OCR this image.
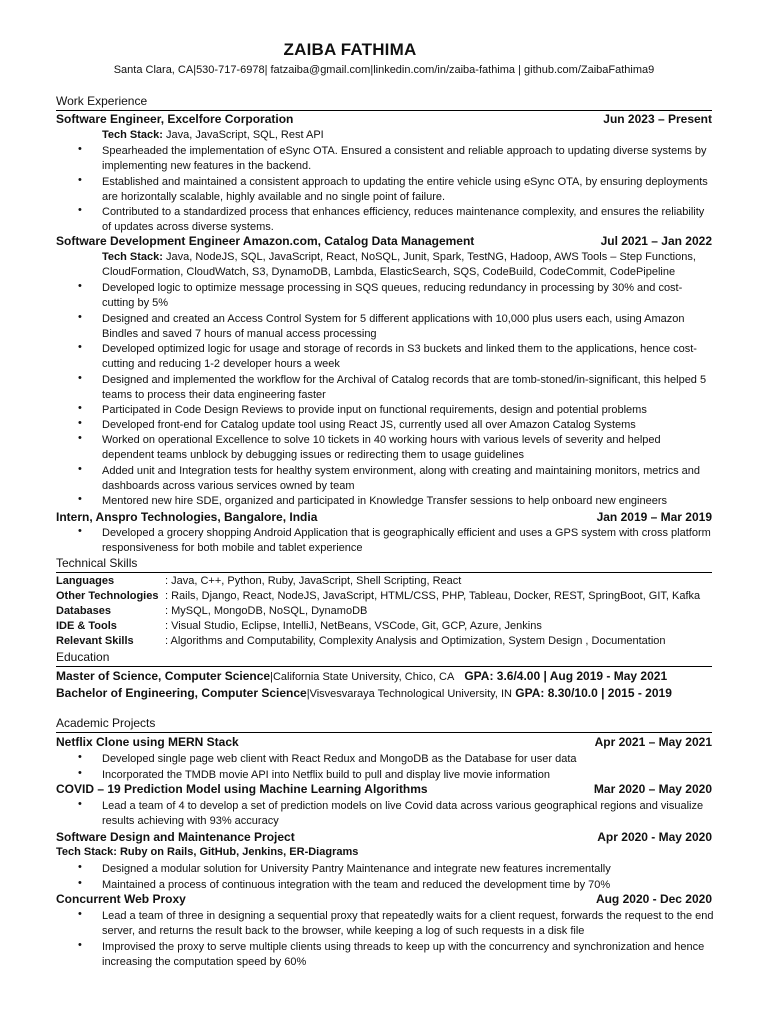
ZAIBA FATHIMA
Santa Clara, CA|530-717-6978| fatzaiba@gmail.com|linkedin.com/in/zaiba-fathima | github.com/ZaibaFathima9
Work Experience
Software Engineer, Excelfore Corporation	Jun 2023 – Present
Tech Stack: Java, JavaScript, SQL, Rest API
• Spearheaded the implementation of eSync OTA. Ensured a consistent and reliable approach to updating diverse systems by implementing new features in the backend.
• Established and maintained a consistent approach to updating the entire vehicle using eSync OTA, by ensuring deployments are horizontally scalable, highly available and no single point of failure.
• Contributed to a standardized process that enhances efficiency, reduces maintenance complexity, and ensures the reliability of updates across diverse systems.
Software Development Engineer Amazon.com, Catalog Data Management	Jul 2021 – Jan 2022
Tech Stack: Java, NodeJS, SQL, JavaScript, React, NoSQL, Junit, Spark, TestNG, Hadoop, AWS Tools – Step Functions, CloudFormation, CloudWatch, S3, DynamoDB, Lambda, ElasticSearch, SQS, CodeBuild, CodeCommit, CodePipeline
• Developed logic to optimize message processing in SQS queues, reducing redundancy in processing by 30% and cost-cutting by 5%
• Designed and created an Access Control System for 5 different applications with 10,000 plus users each, using Amazon Bindles and saved 7 hours of manual access processing
• Developed optimized logic for usage and storage of records in S3 buckets and linked them to the applications, hence cost-cutting and reducing 1-2 developer hours a week
• Designed and implemented the workflow for the Archival of Catalog records that are tomb-stoned/in-significant, this helped 5 teams to process their data engineering faster
• Participated in Code Design Reviews to provide input on functional requirements, design and potential problems
• Developed front-end for Catalog update tool using React JS, currently used all over Amazon Catalog Systems
• Worked on operational Excellence to solve 10 tickets in 40 working hours with various levels of severity and helped dependent teams unblock by debugging issues or redirecting them to usage guidelines
• Added unit and Integration tests for healthy system environment, along with creating and maintaining monitors, metrics and dashboards across various services owned by team
• Mentored new hire SDE, organized and participated in Knowledge Transfer sessions to help onboard new engineers
Intern, Anspro Technologies, Bangalore, India	Jan 2019 – Mar 2019
• Developed a grocery shopping Android Application that is geographically efficient and uses a GPS system with cross platform responsiveness for both mobile and tablet experience
Technical Skills
Languages	: Java, C++, Python, Ruby, JavaScript, Shell Scripting, React
Other Technologies : Rails, Django, React, NodeJS, JavaScript, HTML/CSS, PHP, Tableau, Docker, REST, SpringBoot, GIT, Kafka
Databases	: MySQL, MongoDB, NoSQL, DynamoDB
IDE & Tools	: Visual Studio, Eclipse, IntelliJ, NetBeans, VSCode, Git, GCP, Azure, Jenkins
Relevant Skills	: Algorithms and Computability, Complexity Analysis and Optimization, System Design , Documentation
Education
Master of Science, Computer Science|California State University, Chico, CA GPA: 3.6/4.00 | Aug 2019 - May 2021
Bachelor of Engineering, Computer Science|Visvesvaraya Technological University, IN GPA: 8.30/10.0 | 2015 - 2019
Academic Projects
Netflix Clone using MERN Stack	Apr 2021 – May 2021
• Developed single page web client with React Redux and MongoDB as the Database for user data
• Incorporated the TMDB movie API into Netflix build to pull and display live movie information
COVID – 19 Prediction Model using Machine Learning Algorithms	Mar 2020 – May 2020
• Lead a team of 4 to develop a set of prediction models on live Covid data across various geographical regions and visualize results achieving with 93% accuracy
Software Design and Maintenance Project	Apr 2020 - May 2020
Tech Stack: Ruby on Rails, GitHub, Jenkins, ER-Diagrams
• Designed a modular solution for University Pantry Maintenance and integrate new features incrementally
• Maintained a process of continuous integration with the team and reduced the development time by 70%
Concurrent Web Proxy	Aug 2020 - Dec 2020
• Lead a team of three in designing a sequential proxy that repeatedly waits for a client request, forwards the request to the end server, and returns the result back to the browser, while keeping a log of such requests in a disk file
• Improvised the proxy to serve multiple clients using threads to keep up with the concurrency and synchronization and hence increasing the computation speed by 60%
